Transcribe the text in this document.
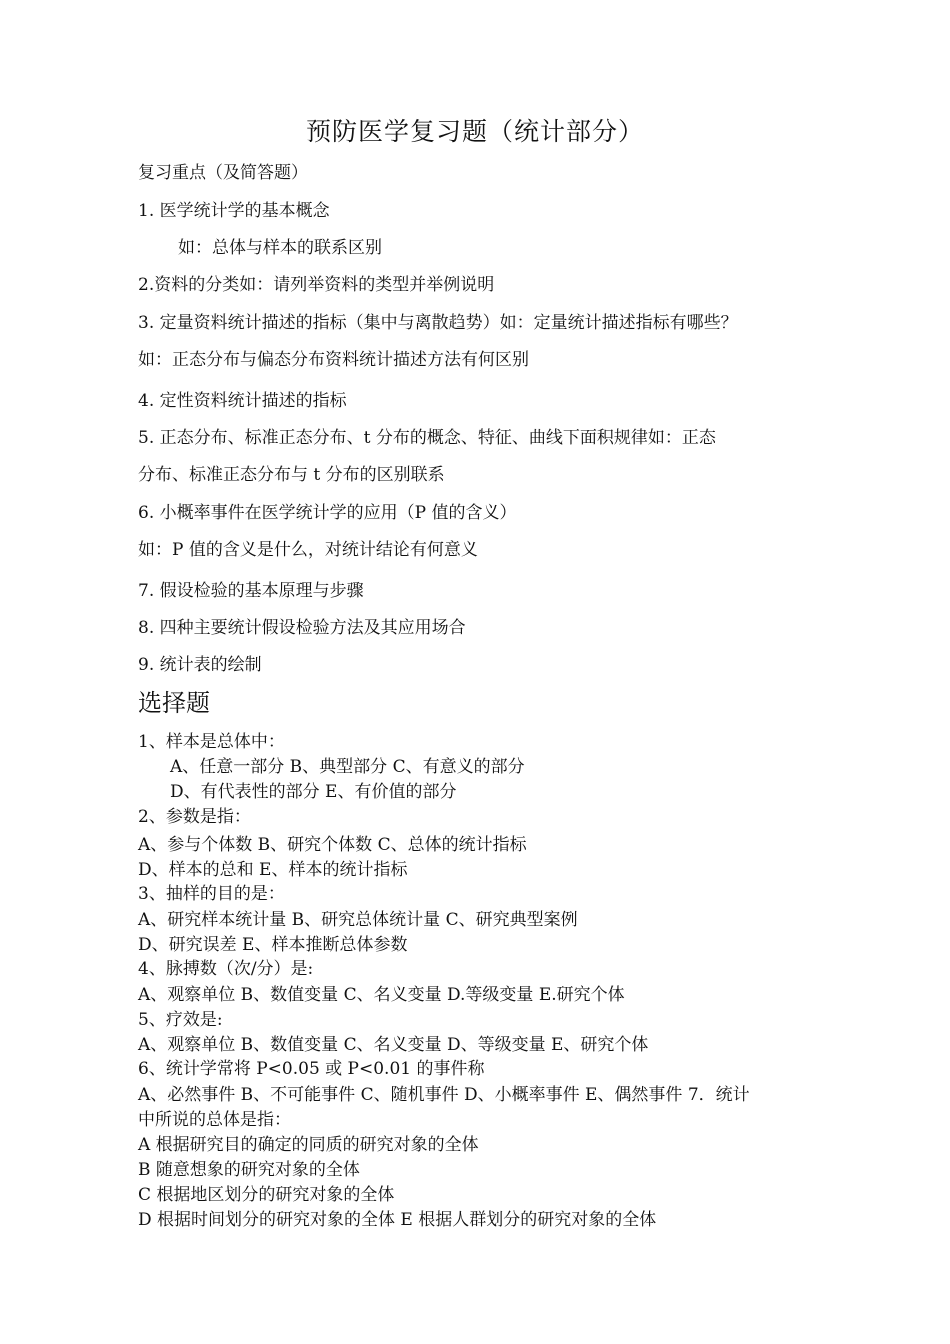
预防医学复习题（统计部分）
复习重点（及简答题）
1. 医学统计学的基本概念
如：总体与样本的联系区别
2.资料的分类如：请列举资料的类型并举例说明
3. 定量资料统计描述的指标（集中与离散趋势）如：定量统计描述指标有哪些？
如：正态分布与偏态分布资料统计描述方法有何区别
4. 定性资料统计描述的指标
5. 正态分布、标准正态分布、t 分布的概念、特征、曲线下面积规律如：正态
分布、标准正态分布与 t 分布的区别联系
6. 小概率事件在医学统计学的应用（P 值的含义）
如：P 值的含义是什么，对统计结论有何意义
7. 假设检验的基本原理与步骤
8. 四种主要统计假设检验方法及其应用场合
9. 统计表的绘制
选择题
1、样本是总体中：
A、任意一部分 B、典型部分 C、有意义的部分
D、有代表性的部分 E、有价值的部分
2、参数是指：
A、参与个体数 B、研究个体数 C、总体的统计指标
D、样本的总和 E、样本的统计指标
3、抽样的目的是：
A、研究样本统计量 B、研究总体统计量 C、研究典型案例
D、研究误差 E、样本推断总体参数
4、脉搏数（次/分）是:
A、观察单位 B、数值变量 C、名义变量 D.等级变量 E.研究个体
5、疗效是:
A、观察单位 B、数值变量 C、名义变量 D、等级变量 E、研究个体
6、统计学常将 P<0.05 或 P<0.01 的事件称
A、必然事件 B、不可能事件 C、随机事件 D、小概率事件 E、偶然事件 7．统计
中所说的总体是指：
A 根据研究目的确定的同质的研究对象的全体
B 随意想象的研究对象的全体
C 根据地区划分的研究对象的全体
D 根据时间划分的研究对象的全体 E 根据人群划分的研究对象的全体
